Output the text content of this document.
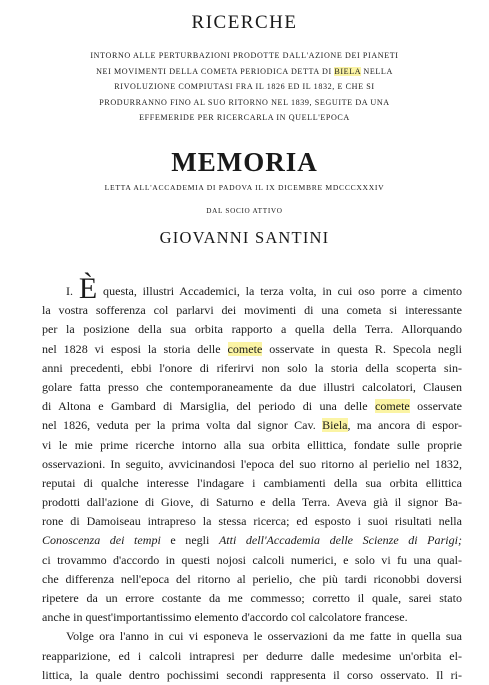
RICERCHE
INTORNO ALLE PERTURBAZIONI PRODOTTE DALL'AZIONE DEI PIANETI
NEI MOVIMENTI DELLA COMETA PERIODICA DETTA DI BIELA NELLA
RIVOLUZIONE COMPIUTASI FRA IL 1826 ED IL 1832, E CHE SI
PRODURRANNO FINO AL SUO RITORNO NEL 1839, SEGUITE DA UNA
EFFEMERIDE PER RICERCARLA IN QUELL'EPOCA
MEMORIA
LETTA ALL'ACCADEMIA DI PADOVA IL IX DICEMBRE MDCCCXXXIV
DAL SOCIO ATTIVO
GIOVANNI SANTINI
I. È questa, illustri Accademici, la terza volta, in cui oso porre a cimento
la vostra sofferenza col parlarvi dei movimenti di una cometa si interessante
per la posizione della sua orbita rapporto a quella della Terra. Allorquando
nel 1828 vi esposi la storia delle comete osservate in questa R. Specola negli
anni precedenti, ebbi l'onore di riferirvi non solo la storia della scoperta sin-
golare fatta presso che contemporaneamente da due illustri calcolatori, Clausen
di Altona e Gambard di Marsiglia, del periodo di una delle comete osservate
nel 1826, veduta per la prima volta dal signor Cav. Biela, ma ancora di espor-
vi le mie prime ricerche intorno alla sua orbita ellittica, fondate sulle proprie
osservazioni. In seguito, avvicinandosi l'epoca del suo ritorno al perielio nel 1832,
reputai di qualche interesse l'indagare i cambiamenti della sua orbita ellittica
prodotti dall'azione di Giove, di Saturno e della Terra. Aveva già il signor Ba-
rone di Damoiseau intrapreso la stessa ricerca; ed esposto i suoi risultati nella
Conoscenza dei tempi e negli Atti dell'Accademia delle Scienze di Parigi;
ci trovammo d'accordo in questi nojosi calcoli numerici, e solo vi fu una qual-
che differenza nell'epoca del ritorno al perielio, che più tardi riconobbi doversi
ripetere da un errore costante da me commesso; corretto il quale, sarei stato
anche in quest'importantissimo elemento d'accordo col calcolatore francese.
Volge ora l'anno in cui vi esponeva le osservazioni da me fatte in quella sua
reapparizione, ed i calcoli intrapresi per dedurre dalle medesime un'orbita el-
littica, la quale dentro pochissimi secondi rappresenta il corso osservato. Il ri-
